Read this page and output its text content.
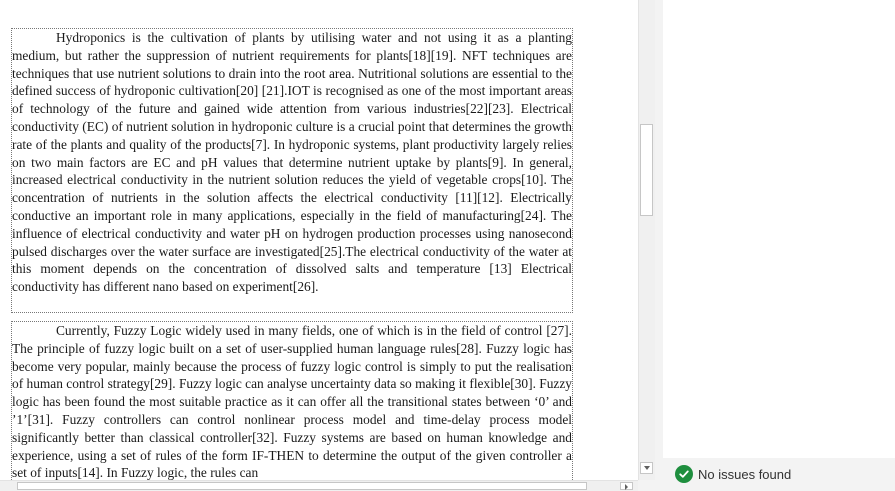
Hydroponics is the cultivation of plants by utilising water and not using it as a planting medium, but rather the suppression of nutrient requirements for plants[18][19]. NFT techniques are techniques that use nutrient solutions to drain into the root area. Nutritional solutions are essential to the defined success of hydroponic cultivation[20] [21].IOT is recognised as one of the most important areas of technology of the future and gained wide attention from various industries[22][23]. Electrical conductivity (EC) of nutrient solution in hydroponic culture is a crucial point that determines the growth rate of the plants and quality of the products[7]. In hydroponic systems, plant productivity largely relies on two main factors are EC and pH values that determine nutrient uptake by plants[9]. In general, increased electrical conductivity in the nutrient solution reduces the yield of vegetable crops[10]. The concentration of nutrients in the solution affects the electrical conductivity [11][12]. Electrically conductive an important role in many applications, especially in the field of manufacturing[24]. The influence of electrical conductivity and water pH on hydrogen production processes using nanosecond pulsed discharges over the water surface are investigated[25].The electrical conductivity of the water at this moment depends on the concentration of dissolved salts and temperature [13] Electrical conductivity has different nano based on experiment[26].

Currently, Fuzzy Logic widely used in many fields, one of which is in the field of control [27]. The principle of fuzzy logic built on a set of user-supplied human language rules[28]. Fuzzy logic has become very popular, mainly because the process of fuzzy logic control is simply to put the realisation of human control strategy[29]. Fuzzy logic can analyse uncertainty data so making it flexible[30]. Fuzzy logic has been found the most suitable practice as it can offer all the transitional states between ‘0’ and ’1’[31]. Fuzzy controllers can control nonlinear process model and time-delay process model significantly better than classical controller[32]. Fuzzy systems are based on human knowledge and experience, using a set of rules of the form IF-THEN to determine the output of the given controller a set of inputs[14]. In Fuzzy logic, the rules can	No issues found
